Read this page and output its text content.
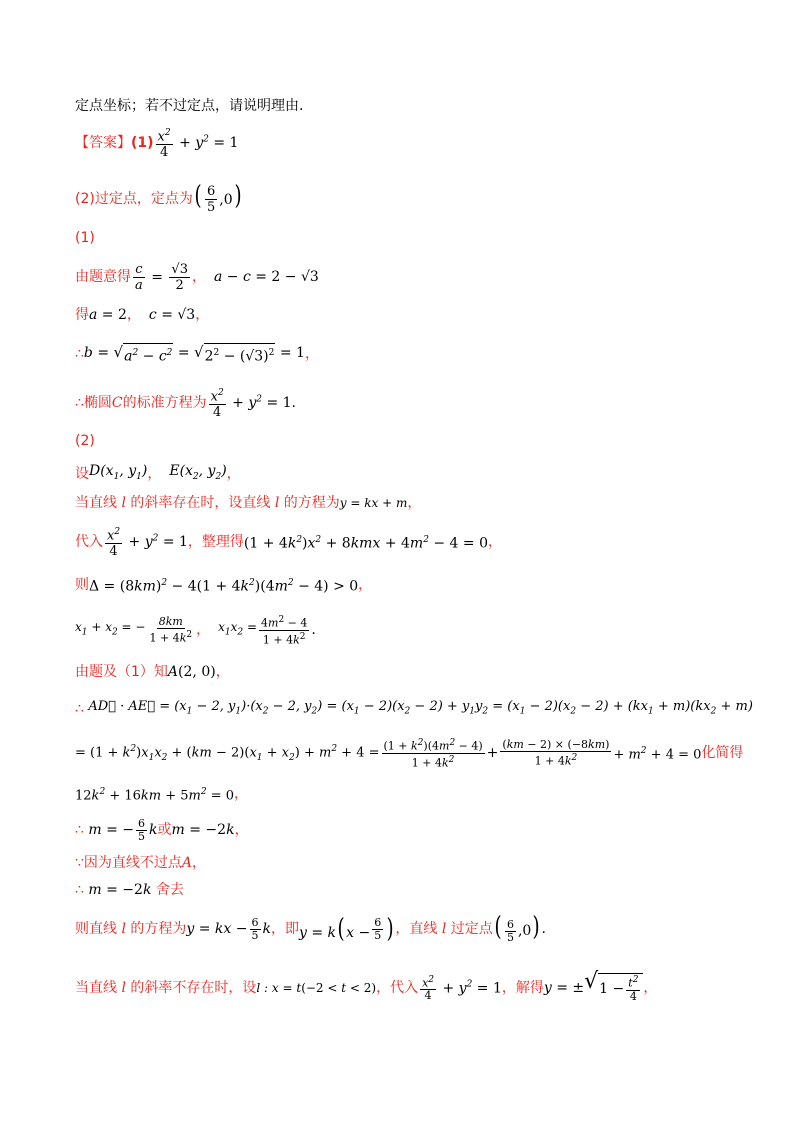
定点坐标；若不过定点，请说明理由.
【答案】 $(1) \frac{x^2}{4} + y^2 = 1$
(2)过定点，定点为 ( $\frac{6}{5} ,0$)
(1)
由题意得 $\frac{c}{a} = \frac{√3}{2}$ ， a − c = 2 − √3
得 a = 2 ， c = √3 ，
∴ b = √ $a^2 - c^2$ = √ $2^2 - (√3)^2 = 1$ ，
∴ 椭圆 C 的标准方程为 $\frac{x^2}{4} + y^2 = 1$ .
(2)
设 $D(x_1$, $y_1$) ， $E(x_2$, $y_2$) ，
当直线 l 的斜率存在时，设直线 l 的方程为 y = kx + m ，
代入 $\frac{x^2}{4} + y^2 = 1$ ，整理得 $(1 + 4k^2)x^2 + 8kmx + 4m^2 - 4 = 0$ ，
则 $\Delta = (8km)^2 - 4(1 + 4k^2)(4m^2 - 4) > 0$ ，
$x_1 + x_2$ = − $\frac{8km}{1 + 4k^2}$ ， $x_1x_2 = \frac{4m^2 - 4}{1 + 4k^2}$ .
由题及（1）知 A(2, 0) ，
∴
AD⃗ · AE⃗ = ($x_1 - 2$, $y_1)\cdot(x_2 - 2$, $y_2) = (x_1 - 2)(x_2 - 2) + y_1y_2 = (x_1 - 2)(x_2 - 2) + (kx_1 + m)(kx_2 + m)$
= $(1 + k^2)x_1x_2 + (km - 2)(x_1 + x_2) + m^2 + 4 = \frac{(1 + k^2)(4m^2 - 4)}{1 + 4k^2} + \frac{(km - 2) \times (-8km)}{1 + 4k^2} + m^2 + 4 = 0$ 化简得
$12k^2 + 16km + 5m^2 = 0$ ，
∴
m = − $\frac{6}{5}$ k 或 m = −2k ，
∵ 因为直线不过点 A ，
∴
m = −2k
舍去
则直线 l 的方程为 y = kx − $\frac{6}{5}$ k ，即 y = k( $x - \frac{6}{5}$ ) ，直线 l 过定点 ( $\frac{6}{5} ,0$) .
当直线 l 的斜率不存在时，设 l : x = t(−2 < t < 2) ，代入 $\frac{x^2}{4} + y^2 = 1$ ，解得 y = ± √ $1 - \frac{t^2}{4}$ ，
